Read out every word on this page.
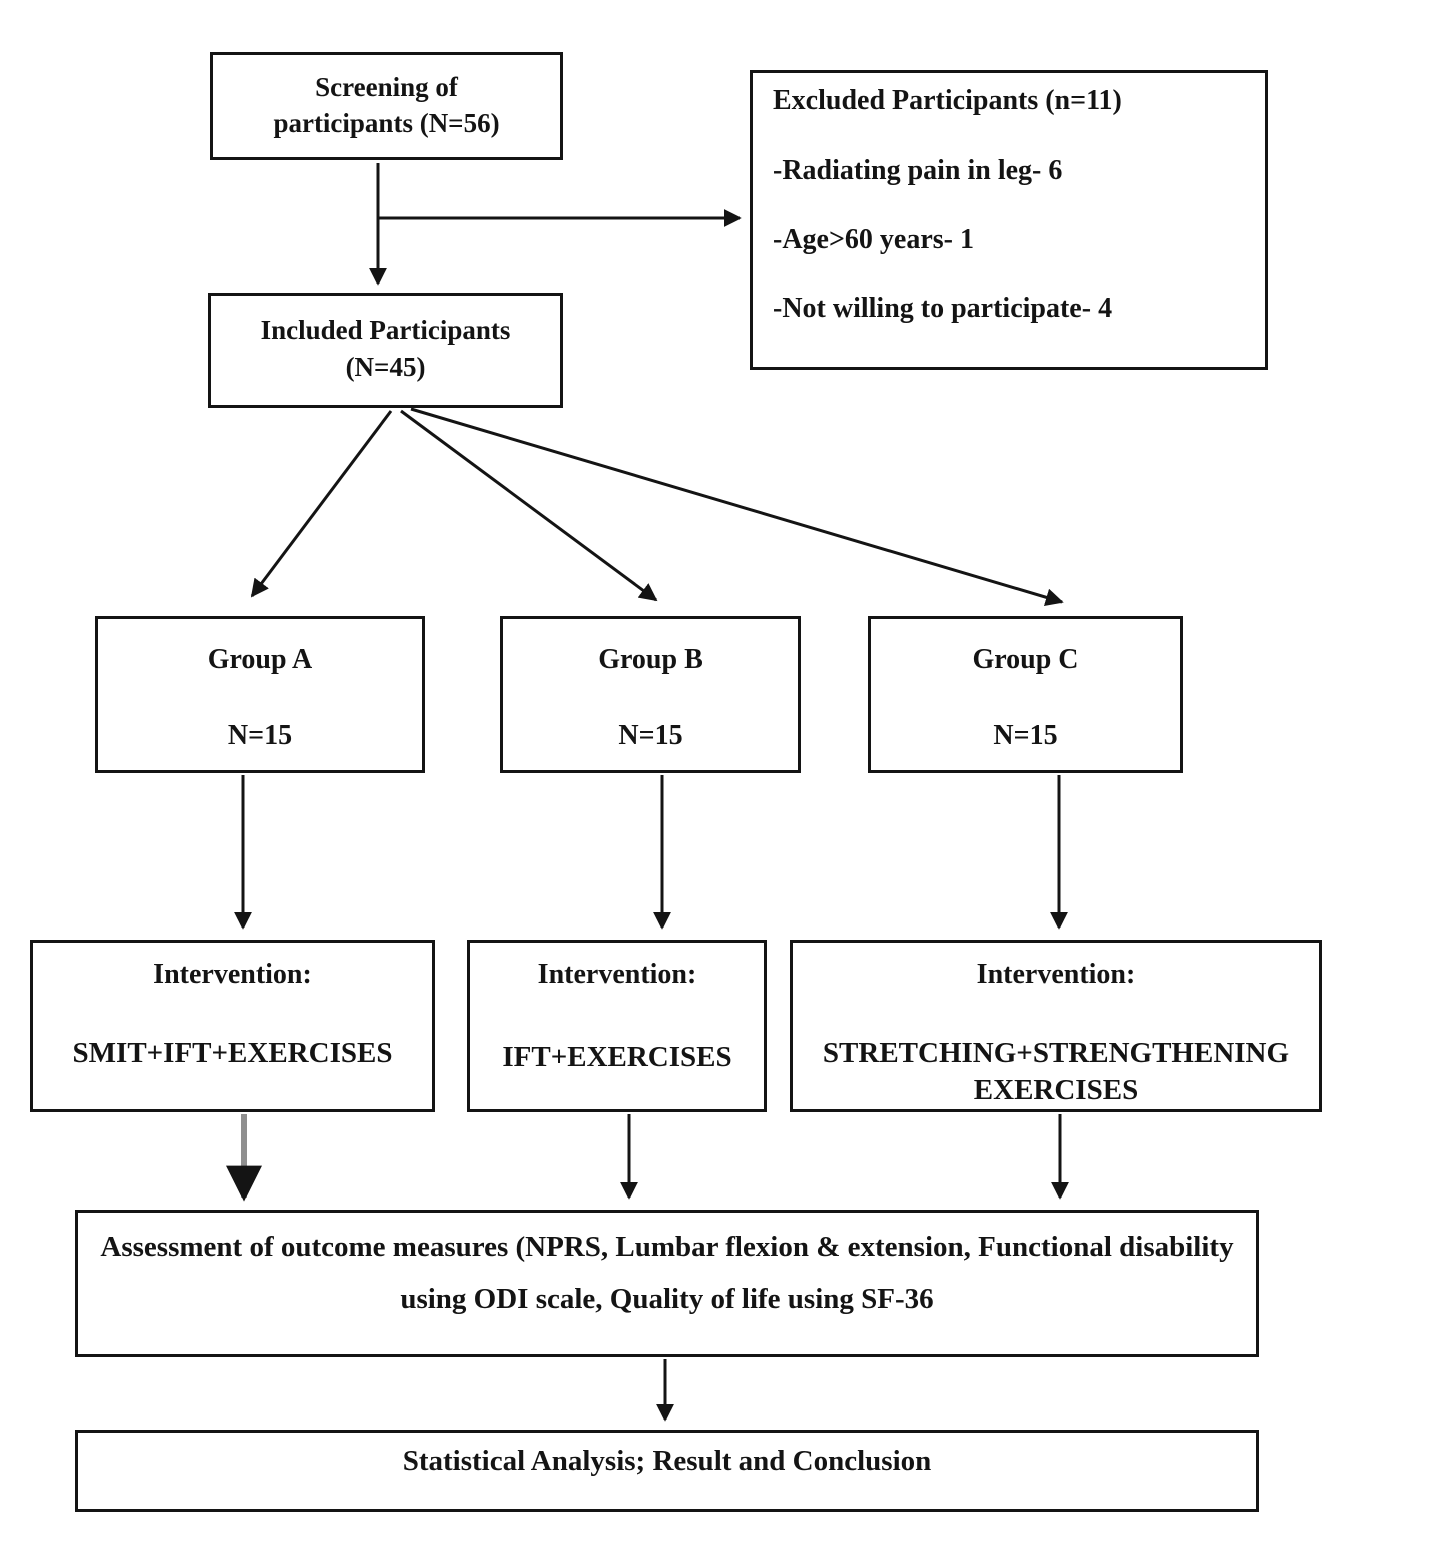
Screening of
participants (N=56)
Excluded Participants (n=11)
-Radiating pain in leg- 6
-Age>60 years- 1
-Not willing to participate- 4
Included Participants
(N=45)
Group A
N=15
Group B
N=15
Group C
N=15
Intervention:
SMIT+IFT+EXERCISES
Intervention:
IFT+EXERCISES
Intervention:
STRETCHING+STRENGTHENING EXERCISES
Assessment of outcome measures (NPRS, Lumbar flexion & extension, Functional disability using ODI scale, Quality of life using SF-36
Statistical Analysis; Result and Conclusion
